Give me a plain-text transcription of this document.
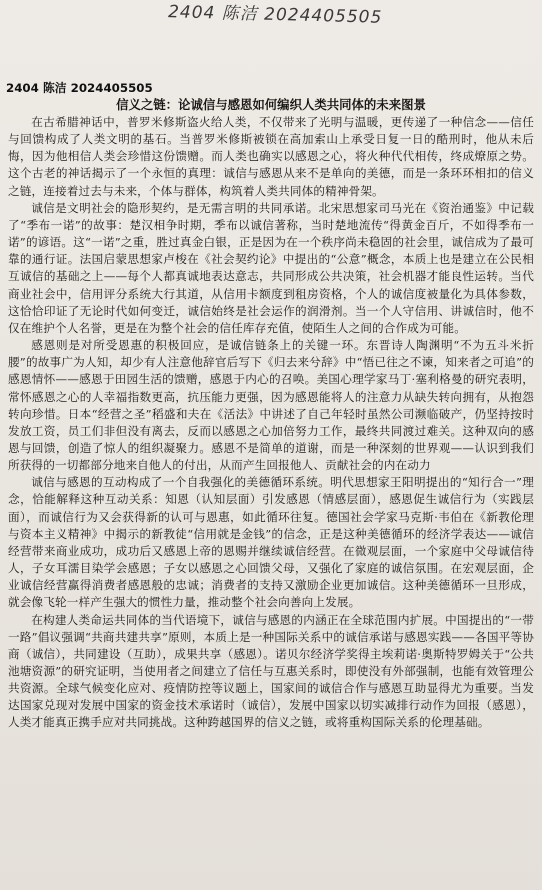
2404 陈洁 2024405505
2404 陈洁 2024405505
信义之链：论诚信与感恩如何编织人类共同体的未来图景

在古希腊神话中，普罗米修斯盗火给人类，不仅带来了光明与温暖，更传递了一种信念——信任与回馈构成了人类文明的基石。当普罗米修斯被锁在高加索山上承受日复一日的酷刑时，他从未后悔，因为他相信人类会珍惜这份馈赠。而人类也确实以感恩之心，将火种代代相传，终成燎原之势。这个古老的神话揭示了一个永恒的真理：诚信与感恩从来不是单向的美德，而是一条环环相扣的信义之链，连接着过去与未来，个体与群体，构筑着人类共同体的精神骨架。

诚信是文明社会的隐形契约，是无需言明的共同承诺。北宋思想家司马光在《资治通鉴》中记载了“季布一诺”的故事：楚汉相争时期，季布以诚信著称，当时楚地流传“得黄金百斤，不如得季布一诺”的谚语。这“一诺”之重，胜过真金白银，正是因为在一个秩序尚未稳固的社会里，诚信成为了最可靠的通行证。法国启蒙思想家卢梭在《社会契约论》中提出的“公意”概念，本质上也是建立在公民相互诚信的基础之上——每个人都真诚地表达意志，共同形成公共决策，社会机器才能良性运转。当代商业社会中，信用评分系统大行其道，从信用卡额度到租房资格，个人的诚信度被量化为具体参数，这恰恰印证了无论时代如何变迁，诚信始终是社会运作的润滑剂。当一个人守信用、讲诚信时，他不仅在维护个人名誉，更是在为整个社会的信任库存充值，使陌生人之间的合作成为可能。

感恩则是对所受恩惠的积极回应，是诚信链条上的关键一环。东晋诗人陶渊明“不为五斗米折腰”的故事广为人知，却少有人注意他辞官后写下《归去来兮辞》中“悟已往之不谏，知来者之可追”的感恩情怀——感恩于田园生活的馈赠，感恩于内心的召唤。美国心理学家马丁·塞利格曼的研究表明，常怀感恩之心的人幸福指数更高，抗压能力更强，因为感恩能将人的注意力从缺失转向拥有，从抱怨转向珍惜。日本“经营之圣”稻盛和夫在《活法》中讲述了自己年轻时虽然公司濒临破产，仍坚持按时发放工资，员工们非但没有离去，反而以感恩之心加倍努力工作，最终共同渡过难关。这种双向的感恩与回馈，创造了惊人的组织凝聚力。感恩不是简单的道谢，而是一种深刻的世界观——认识到我们所获得的一切都部分地来自他人的付出，从而产生回报他人、贡献社会的内在动力

诚信与感恩的互动构成了一个自我强化的美德循环系统。明代思想家王阳明提出的“知行合一”理念，恰能解释这种互动关系：知恩（认知层面）引发感恩（情感层面），感恩促生诚信行为（实践层面），而诚信行为又会获得新的认可与恩惠，如此循环往复。德国社会学家马克斯·韦伯在《新教伦理与资本主义精神》中揭示的新教徒“信用就是金钱”的信念，正是这种美德循环的经济学表达——诚信经营带来商业成功，成功后又感恩上帝的恩赐并继续诚信经营。在微观层面，一个家庭中父母诚信待人，子女耳濡目染学会感恩；子女以感恩之心回馈父母，又强化了家庭的诚信氛围。在宏观层面，企业诚信经营赢得消费者感恩般的忠诚；消费者的支持又激励企业更加诚信。这种美德循环一旦形成，就会像飞轮一样产生强大的惯性力量，推动整个社会向善向上发展。

在构建人类命运共同体的当代语境下，诚信与感恩的内涵正在全球范围内扩展。中国提出的“一带一路”倡议强调“共商共建共享”原则，本质上是一种国际关系中的诚信承诺与感恩实践——各国平等协商（诚信），共同建设（互助），成果共享（感恩）。诺贝尔经济学奖得主埃莉诺·奥斯特罗姆关于“公共池塘资源”的研究证明，当使用者之间建立了信任与互惠关系时，即使没有外部强制，也能有效管理公共资源。全球气候变化应对、疫情防控等议题上，国家间的诚信合作与感恩互助显得尤为重要。当发达国家兑现对发展中国家的资金技术承诺时（诚信），发展中国家以切实减排行动作为回报（感恩），人类才能真正携手应对共同挑战。这种跨越国界的信义之链，或将重构国际关系的伦理基础。
